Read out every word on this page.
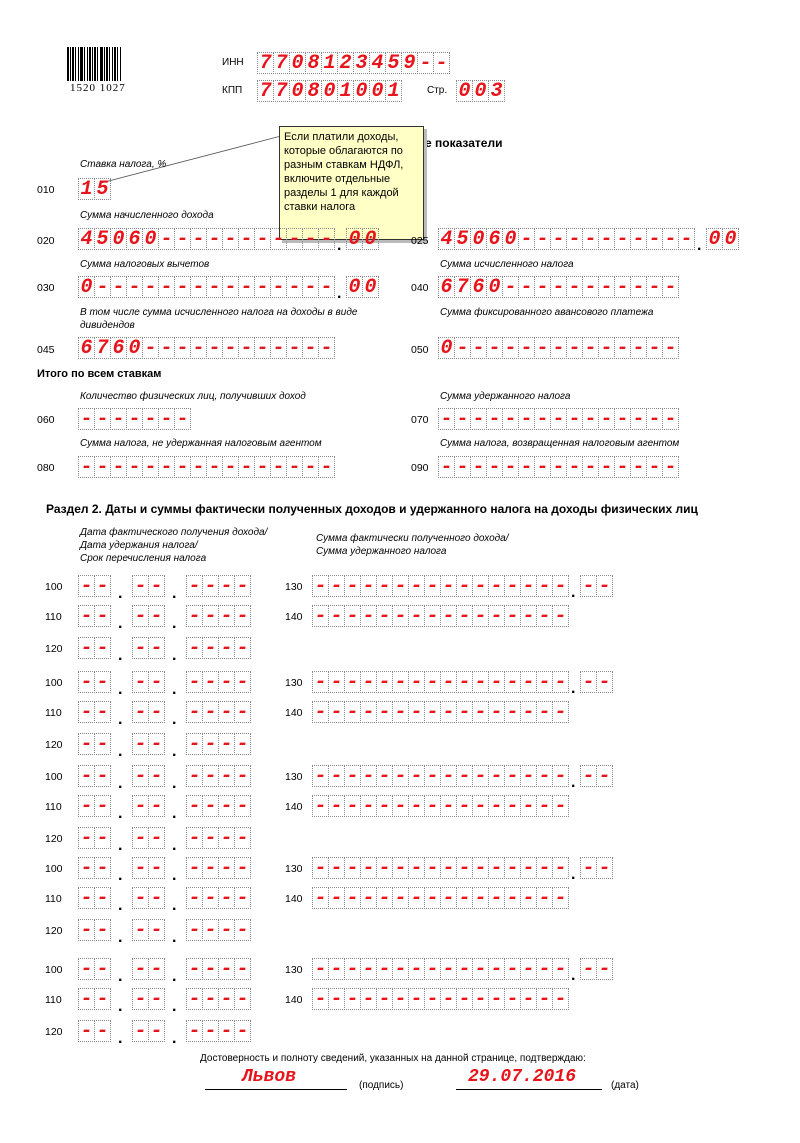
1520 1027
ИНН 7 7 0 8 1 2 3 4 5 9 - -
КПП 7 7 0 8 0 1 0 0 1	Стр. 0 0 3
е показатели
Если платили доходы, которые облагаются по разным ставкам НДФЛ, включите отдельные разделы 1 для каждой ставки налога
Ставка налога, %
010 1 5
Сумма начисленного дохода
020 4 5 0 6 0 - - - - - - - - - - - . 0 0	025 4 5 0 6 0 - - - - - - - - - - - . 0 0
Сумма налоговых вычетов	Сумма исчисленного налога
030 0 - - - - - - - - - - - - - - - . 0 0	040 6 7 6 0 - - - - - - - - - - -
В том числе сумма исчисленного налога на доходы в виде дивидендов
Сумма фиксированного авансового платежа
045 6 7 6 0 - - - - - - - - - - - -	050 0 - - - - - - - - - - - - - -
Итого по всем ставкам
Количество физических лиц, получивших доход	Сумма удержанного налога
060 - - - - - - -	070 - - - - - - - - - - - - - - -
Сумма налога, не удержанная налоговым агентом	Сумма налога, возвращенная налоговым агентом
080 - - - - - - - - - - - - - - - -	090 - - - - - - - - - - - - - - -
Раздел 2. Даты и суммы фактически полученных доходов и удержанного налога на доходы физических лиц
Дата фактического получения дохода/
Дата удержания налога/
Срок перечисления налога
Сумма фактически полученного дохода/
Сумма удержанного налога
100 - - . - - . - - - -	130 - - - - - - - - - - - - - - - - . - -
110 - - . - - . - - - -	140 - - - - - - - - - - - - - - - -
120 - - . - - . - - - -
100 - - . - - . - - - -	130 - - - - - - - - - - - - - - - - . - -
110 - - . - - . - - - -	140 - - - - - - - - - - - - - - - -
120 - - . - - . - - - -
100 - - . - - . - - - -	130 - - - - - - - - - - - - - - - - . - -
110 - - . - - . - - - -	140 - - - - - - - - - - - - - - - -
120 - - . - - . - - - -
100 - - . - - . - - - -	130 - - - - - - - - - - - - - - - - . - -
110 - - . - - . - - - -	140 - - - - - - - - - - - - - - - -
120 - - . - - . - - - -
100 - - . - - . - - - -	130 - - - - - - - - - - - - - - - - . - -
110 - - . - - . - - - -	140 - - - - - - - - - - - - - - - -
120 - - . - - . - - - -
Достоверность и полноту сведений, указанных на данной странице, подтверждаю:
Львов	(подпись)	29.07.2016	(дата)
